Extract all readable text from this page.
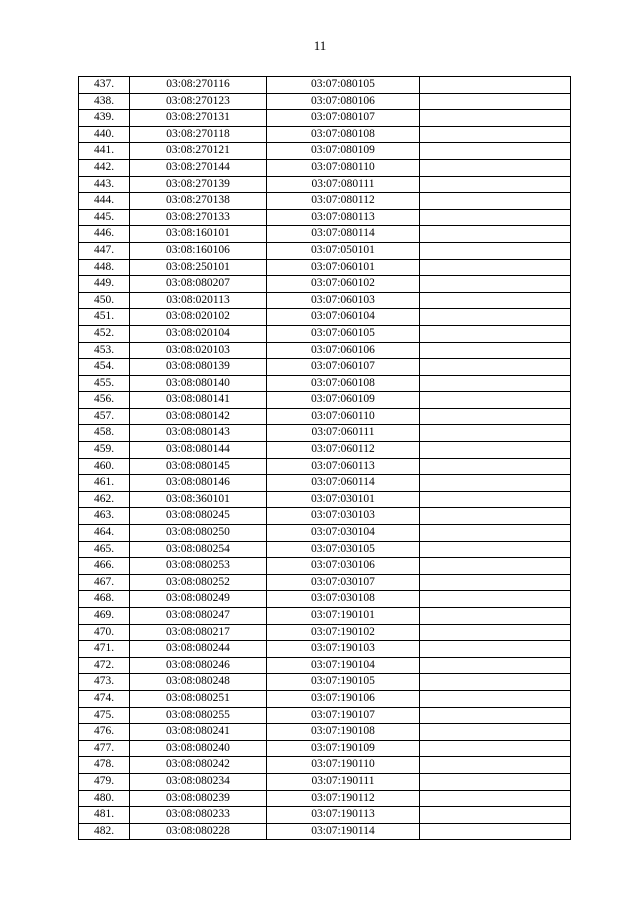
11
437.	03:08:270116	03:07:080105	
438.	03:08:270123	03:07:080106	
439.	03:08:270131	03:07:080107	
440.	03:08:270118	03:07:080108	
441.	03:08:270121	03:07:080109	
442.	03:08:270144	03:07:080110	
443.	03:08:270139	03:07:080111	
444.	03:08:270138	03:07:080112	
445.	03:08:270133	03:07:080113	
446.	03:08:160101	03:07:080114	
447.	03:08:160106	03:07:050101	
448.	03:08:250101	03:07:060101	
449.	03:08:080207	03:07:060102	
450.	03:08:020113	03:07:060103	
451.	03:08:020102	03:07:060104	
452.	03:08:020104	03:07:060105	
453.	03:08:020103	03:07:060106	
454.	03:08:080139	03:07:060107	
455.	03:08:080140	03:07:060108	
456.	03:08:080141	03:07:060109	
457.	03:08:080142	03:07:060110	
458.	03:08:080143	03:07:060111	
459.	03:08:080144	03:07:060112	
460.	03:08:080145	03:07:060113	
461.	03:08:080146	03:07:060114	
462.	03:08:360101	03:07:030101	
463.	03:08:080245	03:07:030103	
464.	03:08:080250	03:07:030104	
465.	03:08:080254	03:07:030105	
466.	03:08:080253	03:07:030106	
467.	03:08:080252	03:07:030107	
468.	03:08:080249	03:07:030108	
469.	03:08:080247	03:07:190101	
470.	03:08:080217	03:07:190102	
471.	03:08:080244	03:07:190103	
472.	03:08:080246	03:07:190104	
473.	03:08:080248	03:07:190105	
474.	03:08:080251	03:07:190106	
475.	03:08:080255	03:07:190107	
476.	03:08:080241	03:07:190108	
477.	03:08:080240	03:07:190109	
478.	03:08:080242	03:07:190110	
479.	03:08:080234	03:07:190111	
480.	03:08:080239	03:07:190112	
481.	03:08:080233	03:07:190113	
482.	03:08:080228	03:07:190114	
